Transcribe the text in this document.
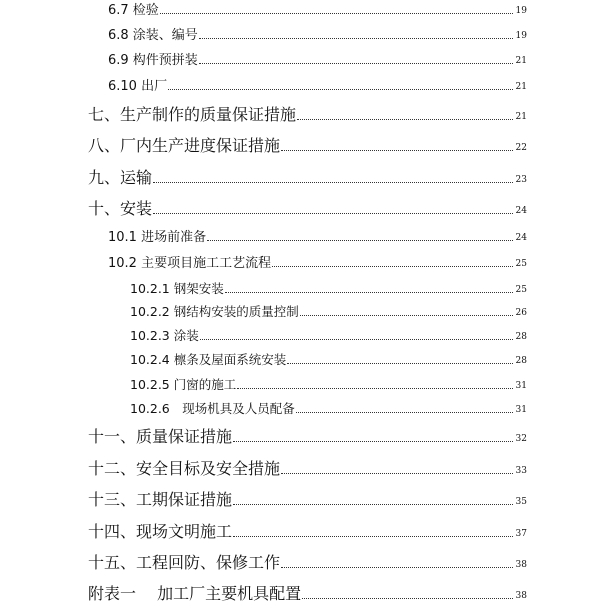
6.7 检验	19
6.8 涂装、编号	19
6.9 构件预拼装	21
6.10 出厂	21
七、生产制作的质量保证措施	21
八、厂内生产进度保证措施	22
九、运输	23
十、安装	24
10.1 进场前准备	24
10.2 主要项目施工工艺流程	25
10.2.1 钢架安装	25
10.2.2 钢结构安装的质量控制	26
10.2.3 涂装	28
10.2.4 檩条及屋面系统安装	28
10.2.5 门窗的施工	31
10.2.6　现场机具及人员配备	31
十一、质量保证措施	32
十二、安全目标及安全措施	33
十三、工期保证措施	35
十四、现场文明施工	37
十五、工程回防、保修工作	38
附表一　 加工厂主要机具配置	38
